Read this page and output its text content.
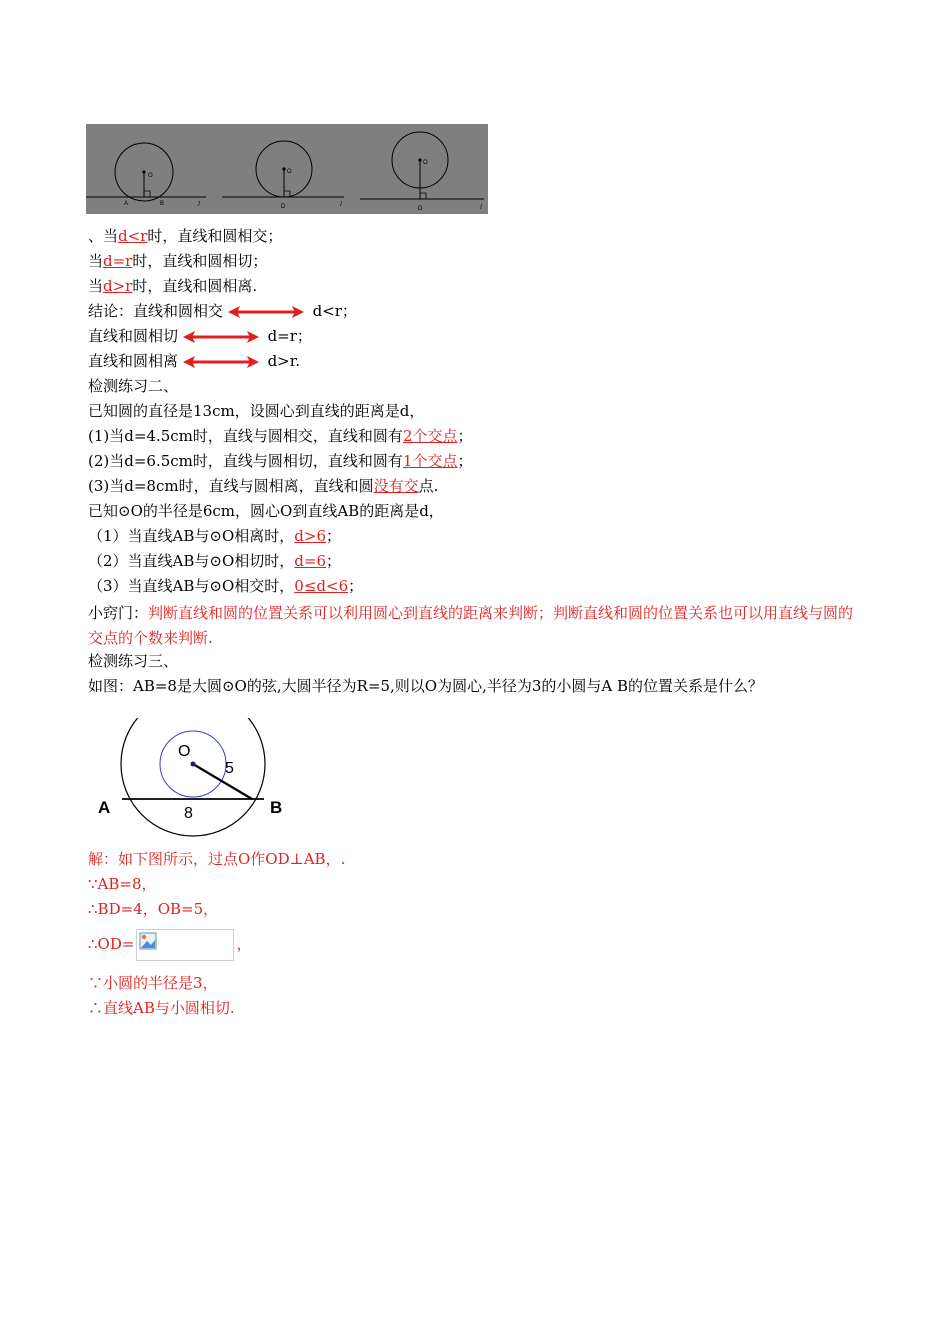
O
A	B	l
O
D	l
O
D	l
、当d<r时，直线和圆相交；
当d=r时，直线和圆相切；
当d>r时，直线和圆相离.
结论：直线和圆相交	d<r；
直线和圆相切	d=r；
直线和圆相离	d>r.
检测练习二、
已知圆的直径是13cm，设圆心到直线的距离是d，
(1)当d=4.5cm时，直线与圆相交，直线和圆有2个交点；
(2)当d=6.5cm时，直线与圆相切，直线和圆有1个交点；
(3)当d=8cm时，直线与圆相离，直线和圆没有交点.
已知⊙O的半径是6cm，圆心O到直线AB的距离是d，
（1）当直线AB与⊙O相离时，d>6；
（2）当直线AB与⊙O相切时，d=6；
（3）当直线AB与⊙O相交时，0≤d<6；
小窍门：判断直线和圆的位置关系可以利用圆心到直线的距离来判断；判断直线和圆的位置关系也可以用直线与圆的交点的个数来判断.
检测练习三、
如图：AB=8是大圆⊙O的弦,大圆半径为R=5,则以O为圆心,半径为3的小圆与A B的位置关系是什么？
O
5
8
A	B
解：如下图所示，过点O作OD⊥AB，.
∵AB=8，
∴BD=4，OB=5，
∴OD=	，
∵小圆的半径是3，
∴直线AB与小圆相切.
